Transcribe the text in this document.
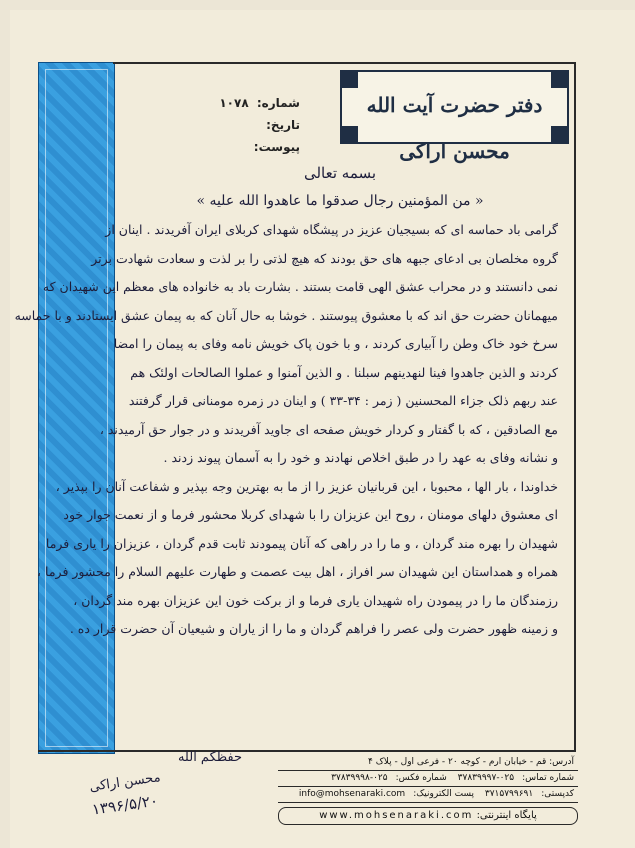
دفتر حضرت آیت الله محسن اراکی
شماره: ۱۰۷۸
تاریخ:
پیوست:
بسمه تعالی
« من المؤمنین رجال صدقوا ما عاهدوا الله علیه »
گرامی باد حماسه ای که بسیجیان عزیز در پیشگاه شهدای کربلای ایران آفریدند . اینان از
گروه مخلصان بی ادعای جبهه های حق بودند که هیچ لذتی را بر لذت و سعادت شهادت برتر
نمی دانستند و در محراب عشق الهی قامت بستند . بشارت باد به خانواده های معظم این شهیدان که
میهمانان حضرت حق اند که با معشوق پیوستند . خوشا به حال آنان که به پیمان عشق ایستادند و با حماسه
سرخ خود خاک وطن را آبیاری کردند ، و با خون پاک خویش نامه وفای به پیمان را امضا
کردند و الذین جاهدوا فینا لنهدینهم سبلنا . و الذین آمنوا و عملوا الصالحات اولئک هم
عند ربهم ذلک جزاء المحسنین ( زمر : ۳۴-۳۳ ) و اینان در زمره مومنانی قرار گرفتند
مع الصادقین ، که با گفتار و کردار خویش صفحه ای جاوید آفریدند و در جوار حق آرمیدند ،
و نشانه وفای به عهد را در طبق اخلاص نهادند و خود را به آسمان پیوند زدند .
خداوندا ، بار الها ، محبوبا ، این قربانیان عزیز را از ما به بهترین وجه بپذیر و شفاعت آنان را بپذیر ،
ای معشوق دلهای مومنان ، روح این عزیزان را با شهدای کربلا محشور فرما و از نعمت جوار خود
شهیدان را بهره مند گردان ، و ما را در راهی که آنان پیمودند ثابت قدم گردان ، عزیزان را یاری فرما
همراه و همداستان این شهیدان سر افراز ، اهل بیت عصمت و طهارت علیهم السلام را محشور فرما ،
رزمندگان ما را در پیمودن راه شهیدان یاری فرما و از برکت خون این عزیزان بهره مند گردان ،
و زمینه ظهور حضرت ولی عصر را فراهم گردان و ما را از یاران و شیعیان آن حضرت قرار ده .
حفظکم الله
محسن اراکی
۱۳۹۶/۵/۲۰
آدرس: قم - خیابان ارم - کوچه ۲۰ - فرعی اول - پلاک ۴
شماره تماس:۰۲۵-۳۷۸۳۹۹۹۷ شماره فکس:۰۲۵-۳۷۸۳۹۹۹۸
کدپستی:۳۷۱۵۷۹۹۶۹۱ پست الکترونیک:info@mohsenaraki.com
پایگاه اینترنتی: www.mohsenaraki.com
